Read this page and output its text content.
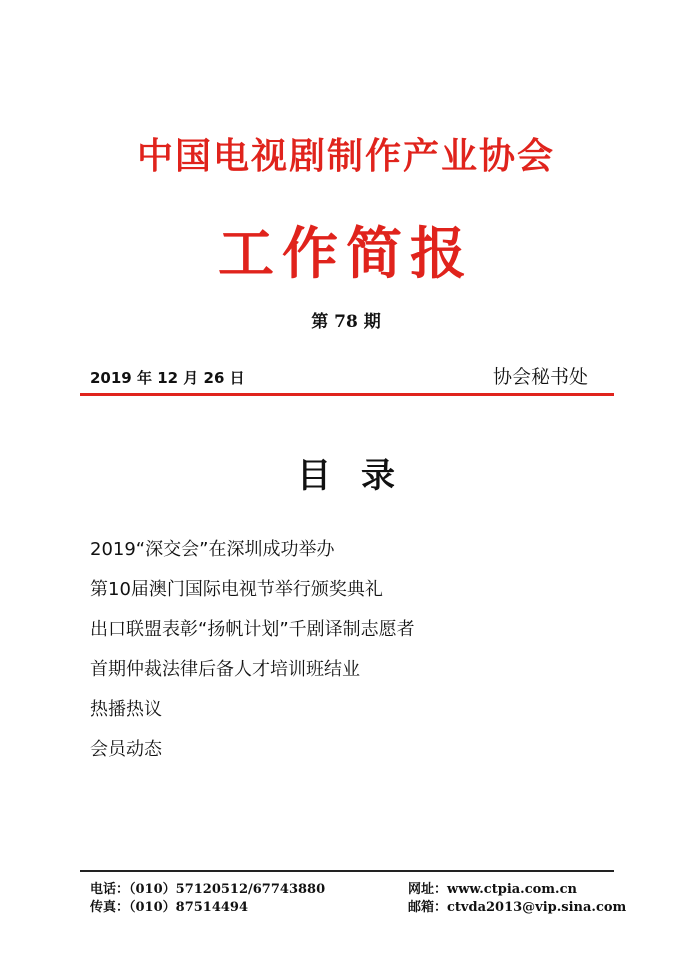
中国电视剧制作产业协会
工作简报
第 78 期
2019 年 12 月 26 日	协会秘书处
目录
2019“深交会”在深圳成功举办
第10届澳门国际电视节举行颁奖典礼
出口联盟表彰“扬帆计划”千剧译制志愿者
首期仲裁法律后备人才培训班结业
热播热议
会员动态
电话：（010）57120512/67743880
传真：（010）87514494
网址：www.ctpia.com.cn
邮箱：ctvda2013@vip.sina.com
